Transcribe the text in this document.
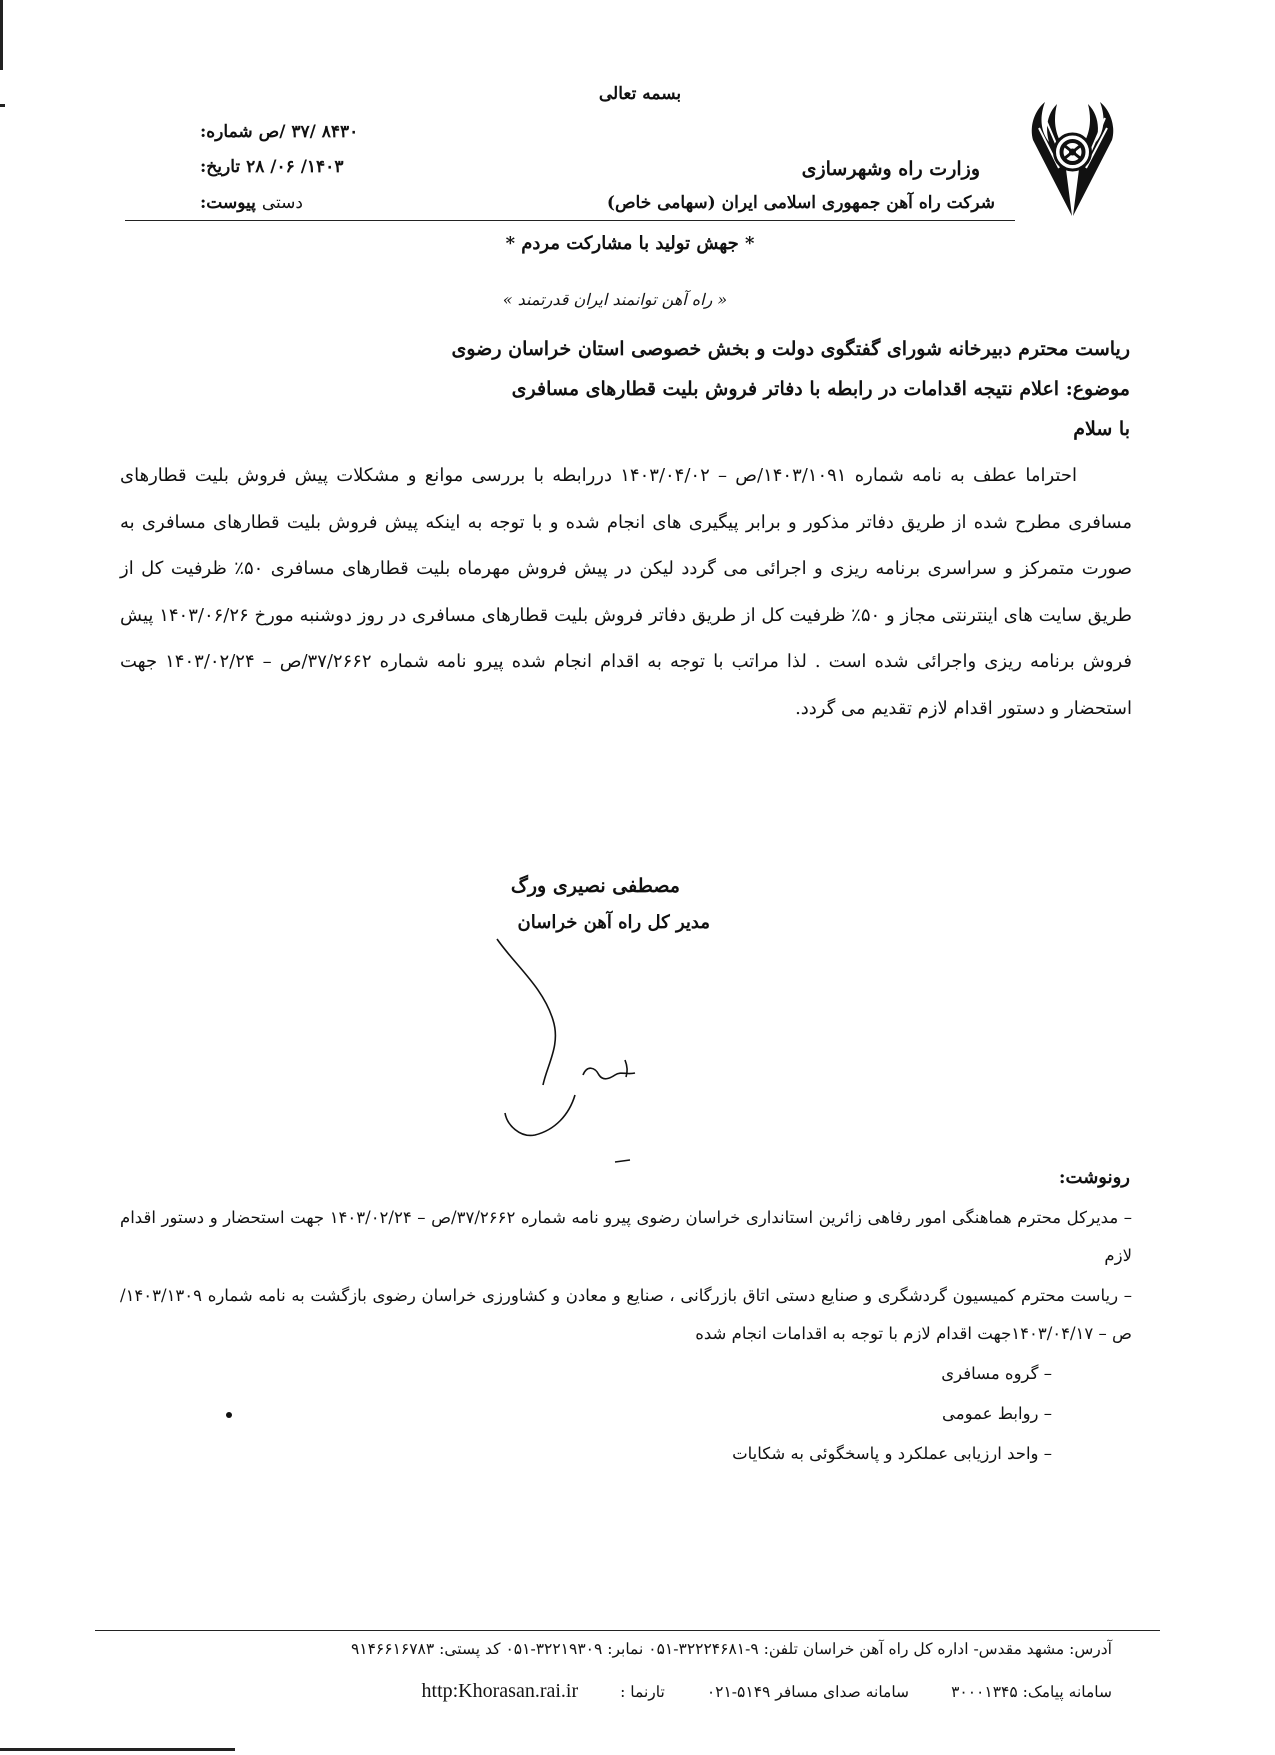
بسمه تعالی
وزارت راه وشهرسازی
شرکت راه آهن جمهوری اسلامی ایران (سهامی خاص)
شماره: ۸۴۳۰ /۳۷ /ص
تاریخ: ۱۴۰۳/ ۰۶/ ۲۸
پیوست: دستی
* جهش تولید با مشارکت مردم *
« راه آهن توانمند ایران قدرتمند »
ریاست محترم دبیرخانه شورای گفتگوی دولت و بخش خصوصی استان خراسان رضوی
موضوع: اعلام نتیجه اقدامات در رابطه با دفاتر فروش بلیت قطارهای مسافری
با سلام

احتراما عطف به نامه شماره ۱۴۰۳/۱۰۹۱/ص – ۱۴۰۳/۰۴/۰۲ دررابطه با بررسی موانع و مشکلات پیش فروش بلیت قطارهای مسافری مطرح شده از طریق دفاتر مذکور و برابر پیگیری های انجام شده و با توجه به اینکه پیش فروش بلیت قطارهای مسافری به صورت متمرکز و سراسری برنامه ریزی و اجرائی می گردد لیکن در پیش فروش مهرماه بلیت قطارهای مسافری ۵۰٪ ظرفیت کل از طریق سایت های اینترنتی مجاز و ۵۰٪ ظرفیت کل از طریق دفاتر فروش بلیت قطارهای مسافری در روز دوشنبه مورخ ۱۴۰۳/۰۶/۲۶ پیش فروش برنامه ریزی واجرائی شده است . لذا مراتب با توجه به اقدام انجام شده پیرو نامه شماره ۳۷/۲۶۶۲/ص – ۱۴۰۳/۰۲/۲۴ جهت استحضار و دستور اقدام لازم تقدیم می گردد.

مصطفی نصیری ورگ
مدیر کل راه آهن خراسان
رونوشت:
– مدیرکل محترم هماهنگی امور رفاهی زائرین استانداری خراسان رضوی پیرو نامه شماره ۳۷/۲۶۶۲/ص – ۱۴۰۳/۰۲/۲۴ جهت استحضار و دستور اقدام لازم
– ریاست محترم کمیسیون گردشگری و صنایع دستی اتاق بازرگانی ، صنایع و معادن و کشاورزی خراسان رضوی بازگشت به نامه شماره ۱۴۰۳/۱۳۰۹/ص – ۱۴۰۳/۰۴/۱۷جهت اقدام لازم با توجه به اقدامات انجام شده
– گروه مسافری
– روابط عمومی
– واحد ارزیابی عملکرد و پاسخگوئی به شکایات
آدرس: مشهد مقدس- اداره کل راه آهن خراسان تلفن: ۹-۳۲۲۲۴۶۸۱-۰۵۱ نمابر: ۳۲۲۱۹۳۰۹-۰۵۱ کد پستی: ۹۱۴۶۶۱۶۷۸۳
سامانه پیامک: ۳۰۰۰۱۳۴۵
سامانه صدای مسافر ۵۱۴۹-۰۲۱
تارنما :
http:Khorasan.rai.ir
